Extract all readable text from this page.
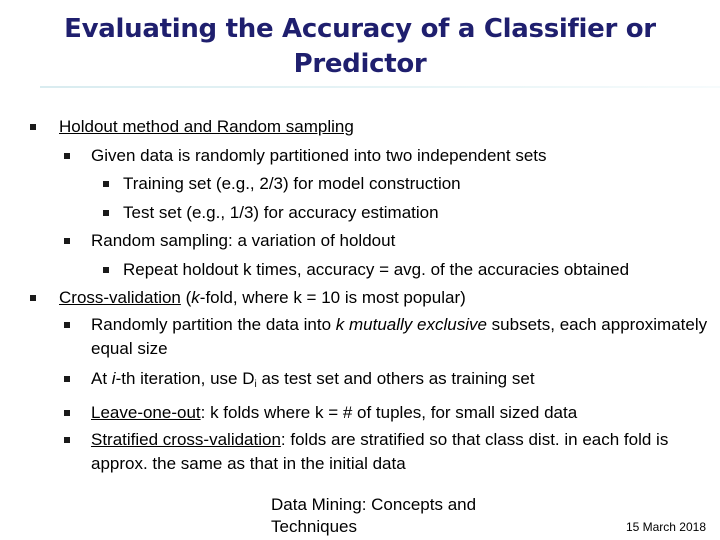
Evaluating the Accuracy of a Classifier or Predictor
Holdout method and Random sampling
Given data is randomly partitioned into two independent sets
Training set (e.g., 2/3) for model construction
Test set (e.g., 1/3) for accuracy estimation
Random sampling: a variation of holdout
Repeat holdout k times, accuracy = avg. of the accuracies obtained
Cross-validation (k-fold, where k = 10 is most popular)
Randomly partition the data into k mutually exclusive subsets, each approximately equal size
At i-th iteration, use $D_i$ as test set and others as training set
Leave-one-out: k folds where k = # of tuples, for small sized data
Stratified cross-validation: folds are stratified so that class dist. in each fold is approx. the same as that in the initial data
Data Mining: Concepts and
Techniques	15 March 2018
